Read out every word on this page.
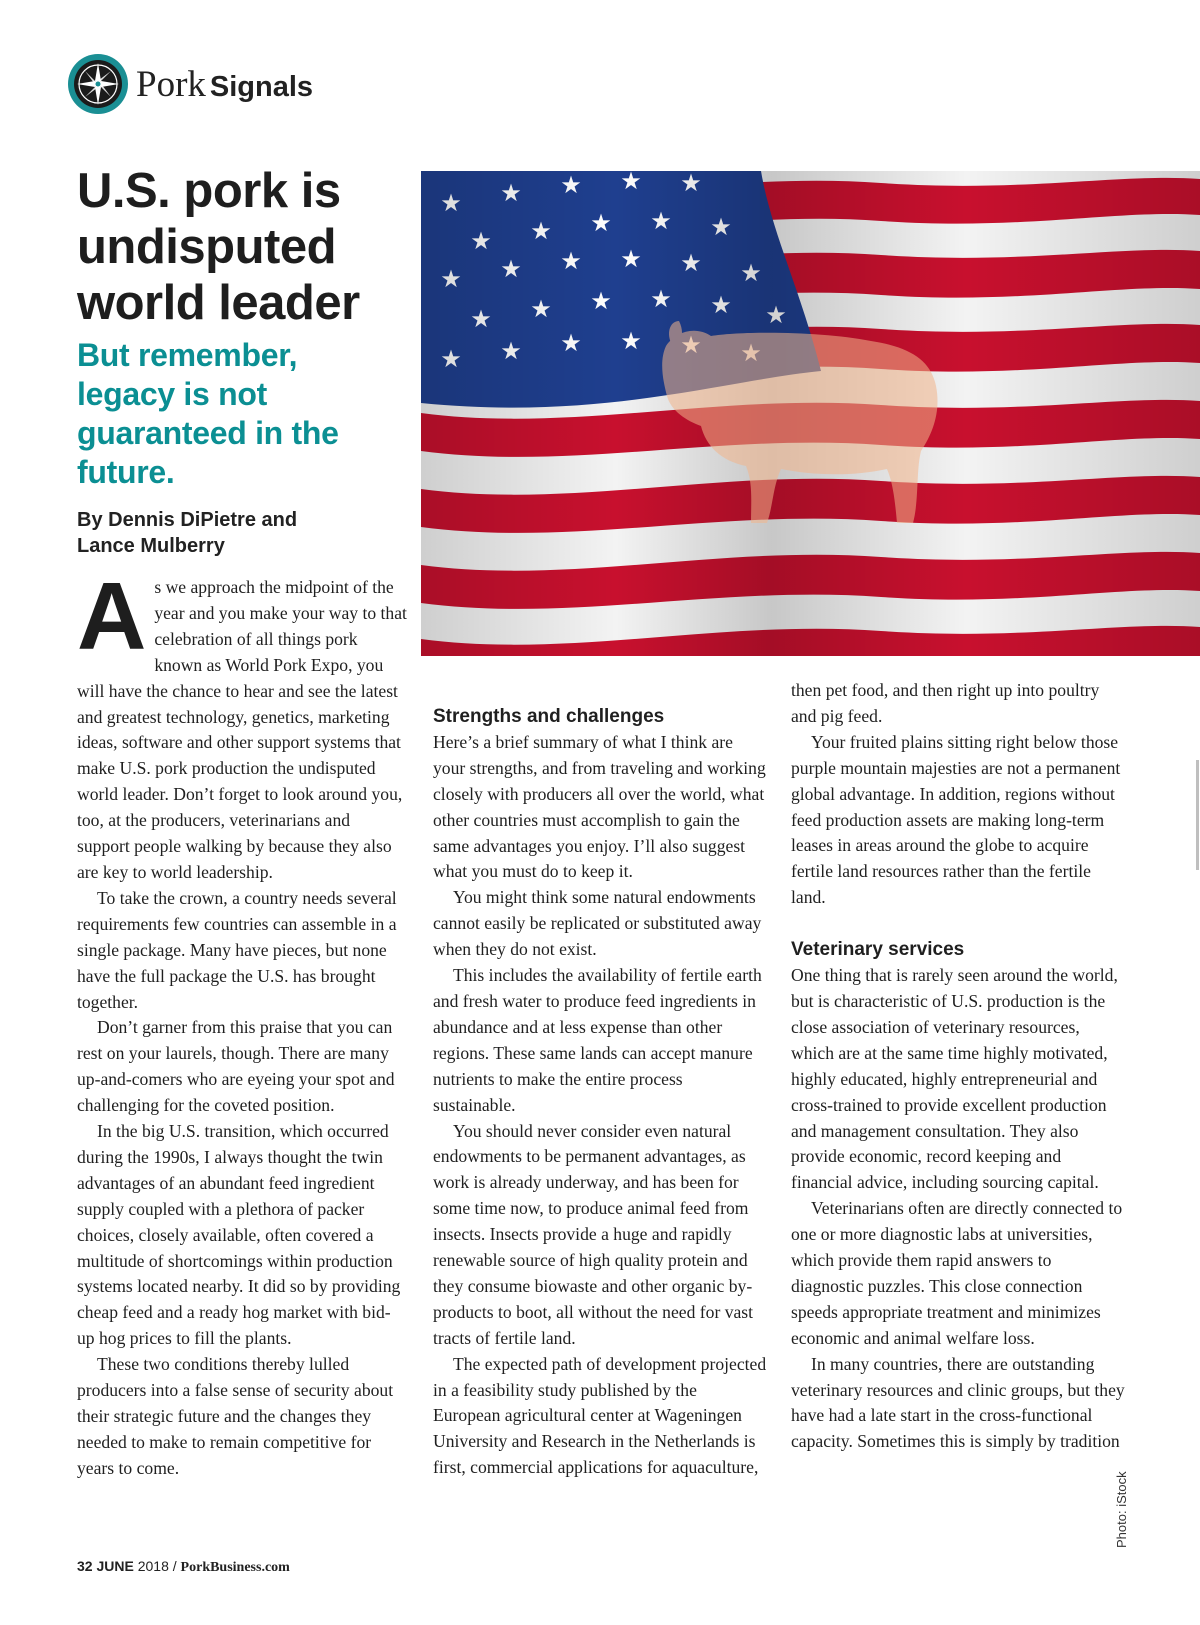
Pork Signals
U.S. pork is undisputed world leader
But remember, legacy is not guaranteed in the future.

By Dennis DiPietre and
Lance Mulberry

As we approach the midpoint of the year and you make your way to that celebration of all things pork known as World Pork Expo, you will have the chance to hear and see the latest and greatest technology, genetics, marketing ideas, software and other support systems that make U.S. pork production the undisputed world leader. Don’t forget to look around you, too, at the producers, veterinarians and support people walking by because they also are key to world leadership.

To take the crown, a country needs several requirements few countries can assemble in a single package. Many have pieces, but none have the full package the U.S. has brought together.

Don’t garner from this praise that you can rest on your laurels, though. There are many up-and-comers who are eyeing your spot and challenging for the coveted position.

In the big U.S. transition, which occurred during the 1990s, I always thought the twin advantages of an abundant feed ingredient supply coupled with a plethora of packer choices, closely available, often covered a multitude of shortcomings within production systems located nearby. It did so by providing cheap feed and a ready hog market with bid-up hog prices to fill the plants.

These two conditions thereby lulled producers into a false sense of security about their strategic future and the changes they needed to make to remain competitive for years to come.

Strengths and challenges

Here’s a brief summary of what I think are your strengths, and from traveling and working closely with producers all over the world, what other countries must accomplish to gain the same advantages you enjoy. I’ll also suggest what you must do to keep it.

You might think some natural endowments cannot easily be replicated or substituted away when they do not exist.

This includes the availability of fertile earth and fresh water to produce feed ingredients in abundance and at less expense than other regions. These same lands can accept manure nutrients to make the entire process sustainable.

You should never consider even natural endowments to be permanent advantages, as work is already underway, and has been for some time now, to produce animal feed from insects. Insects provide a huge and rapidly renewable source of high quality protein and they consume biowaste and other organic by-products to boot, all without the need for vast tracts of fertile land.

The expected path of development projected in a feasibility study published by the European agricultural center at Wageningen University and Research in the Netherlands is first, commercial applications for aquaculture,

then pet food, and then right up into poultry and pig feed.

Your fruited plains sitting right below those purple mountain majesties are not a permanent global advantage. In addition, regions without feed production assets are making long-term leases in areas around the globe to acquire fertile land resources rather than the fertile land.

Veterinary services

One thing that is rarely seen around the world, but is characteristic of U.S. production is the close association of veterinary resources, which are at the same time highly motivated, highly educated, highly entrepreneurial and cross-trained to provide excellent production and management consultation. They also provide economic, record keeping and financial advice, including sourcing capital.

Veterinarians often are directly connected to one or more diagnostic labs at universities, which provide them rapid answers to diagnostic puzzles. This close connection speeds appropriate treatment and minimizes economic and animal welfare loss.

In many countries, there are outstanding veterinary resources and clinic groups, but they have had a late start in the cross-functional capacity. Sometimes this is simply by tradition

Photo: iStock
32 JUNE 2018 / PorkBusiness.com
